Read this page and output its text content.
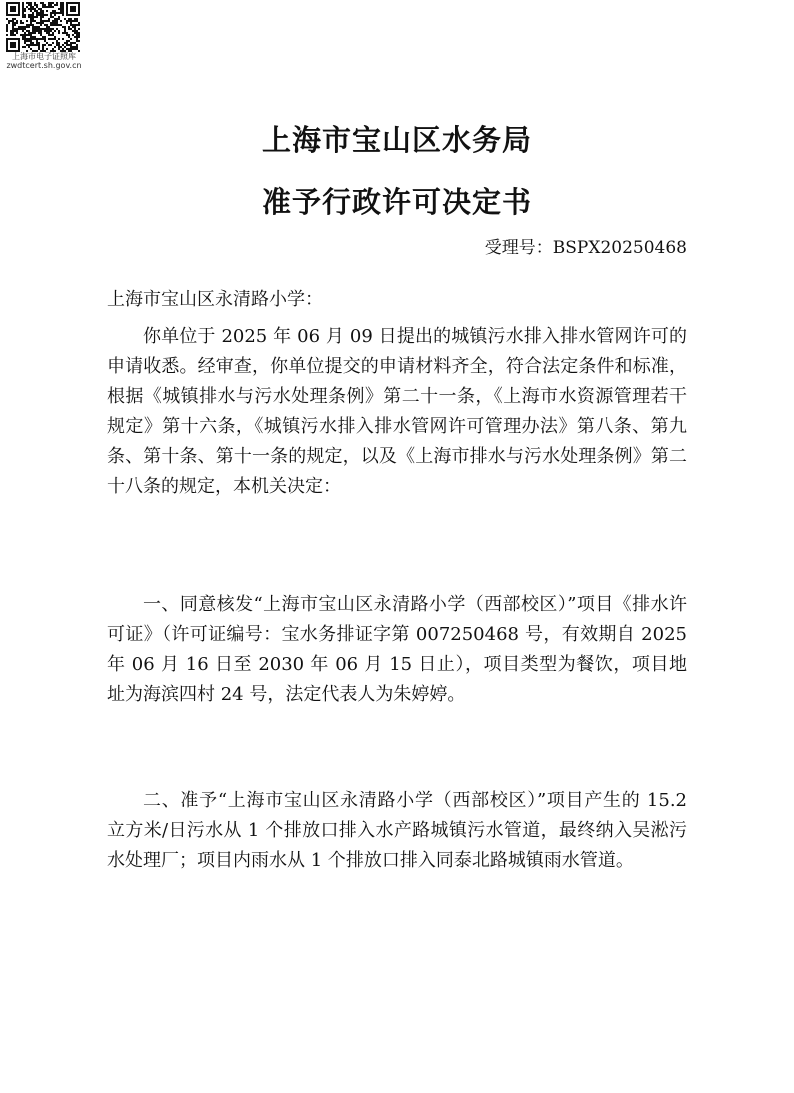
上海市电子证照库
zwdtcert.sh.gov.cn
上海市宝山区水务局
准予行政许可决定书
受理号：BSPX20250468
上海市宝山区永清路小学：
你单位于 2025 年 06 月 09 日提出的城镇污水排入排水管网许可的申请收悉。经审查，你单位提交的申请材料齐全，符合法定条件和标准，根据《城镇排水与污水处理条例》第二十一条，《上海市水资源管理若干规定》第十六条，《城镇污水排入排水管网许可管理办法》第八条、第九条、第十条、第十一条的规定，以及《上海市排水与污水处理条例》第二十八条的规定，本机关决定：
一、同意核发“上海市宝山区永清路小学（西部校区）”项目《排水许可证》（许可证编号：宝水务排证字第 007250468 号，有效期自 2025 年 06 月 16 日至 2030 年 06 月 15 日止），项目类型为餐饮，项目地址为海滨四村 24 号，法定代表人为朱婷婷。
二、准予“上海市宝山区永清路小学（西部校区）”项目产生的 15.2 立方米/日污水从 1 个排放口排入水产路城镇污水管道，最终纳入吴淞污水处理厂；项目内雨水从 1 个排放口排入同泰北路城镇雨水管道。
